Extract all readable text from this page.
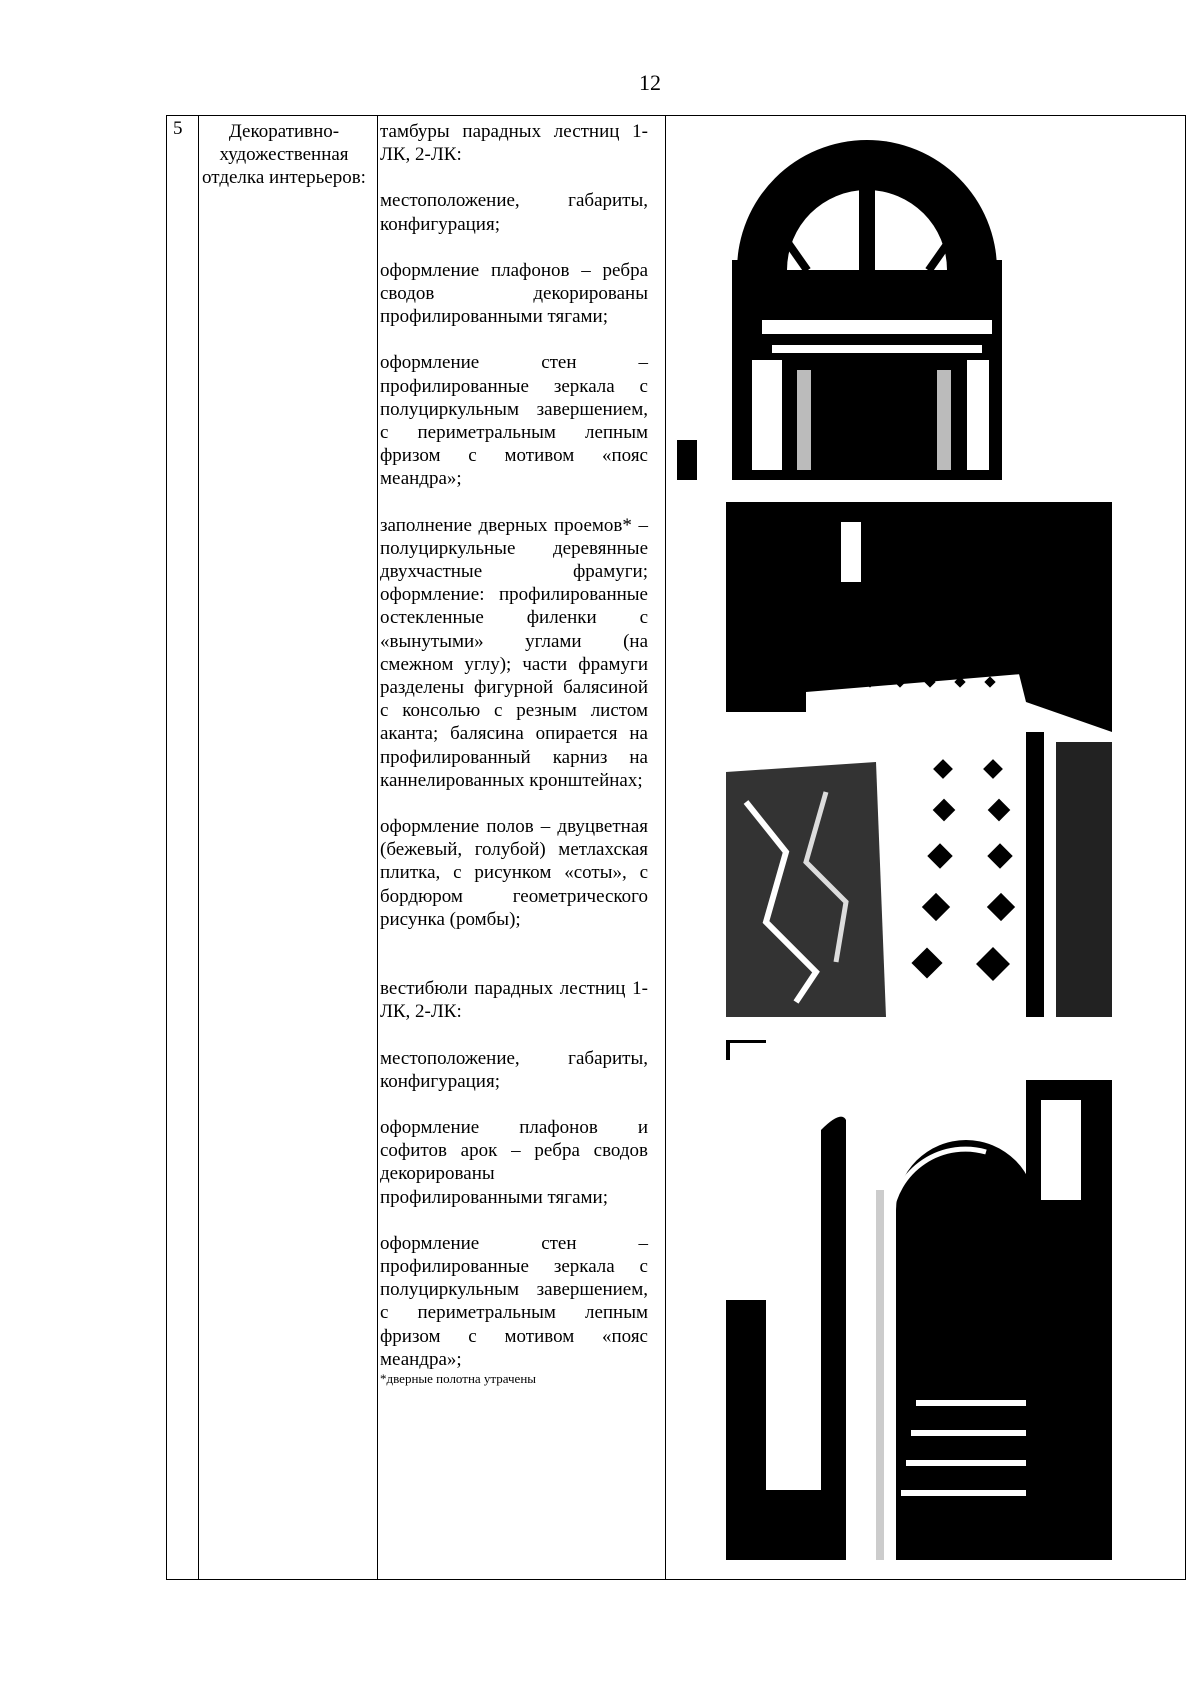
12
5	Декоративно-художественная отделка интерьеров:

тамбуры парадных лестниц 1-ЛК, 2-ЛК:

местоположение, габариты, конфигурация;

оформление плафонов – ребра сводов декорированы профилированными тягами;

оформление стен – профилированные зеркала с полуциркульным завершением, с периметральным лепным фризом с мотивом «пояс меандра»;

заполнение дверных проемов* – полуциркульные деревянные двухчастные фрамуги; оформление: профилированные остекленные филенки с «вынутыми» углами (на смежном углу); части фрамуги разделены фигурной балясиной с консолью с резным листом аканта; балясина опирается на профилированный карниз на каннелированных кронштейнах;

оформление полов – двуцветная (бежевый, голубой) метлахская плитка, с рисунком «соты», с бордюром геометрического рисунка (ромбы);

вестибюли парадных лестниц 1-ЛК, 2-ЛК:

местоположение, габариты, конфигурация;

оформление плафонов и софитов арок – ребра сводов декорированы профилированными тягами;

оформление стен – профилированные зеркала с полуциркульным завершением, с периметральным лепным фризом с мотивом «пояс меандра»;

*дверные полотна утрачены
